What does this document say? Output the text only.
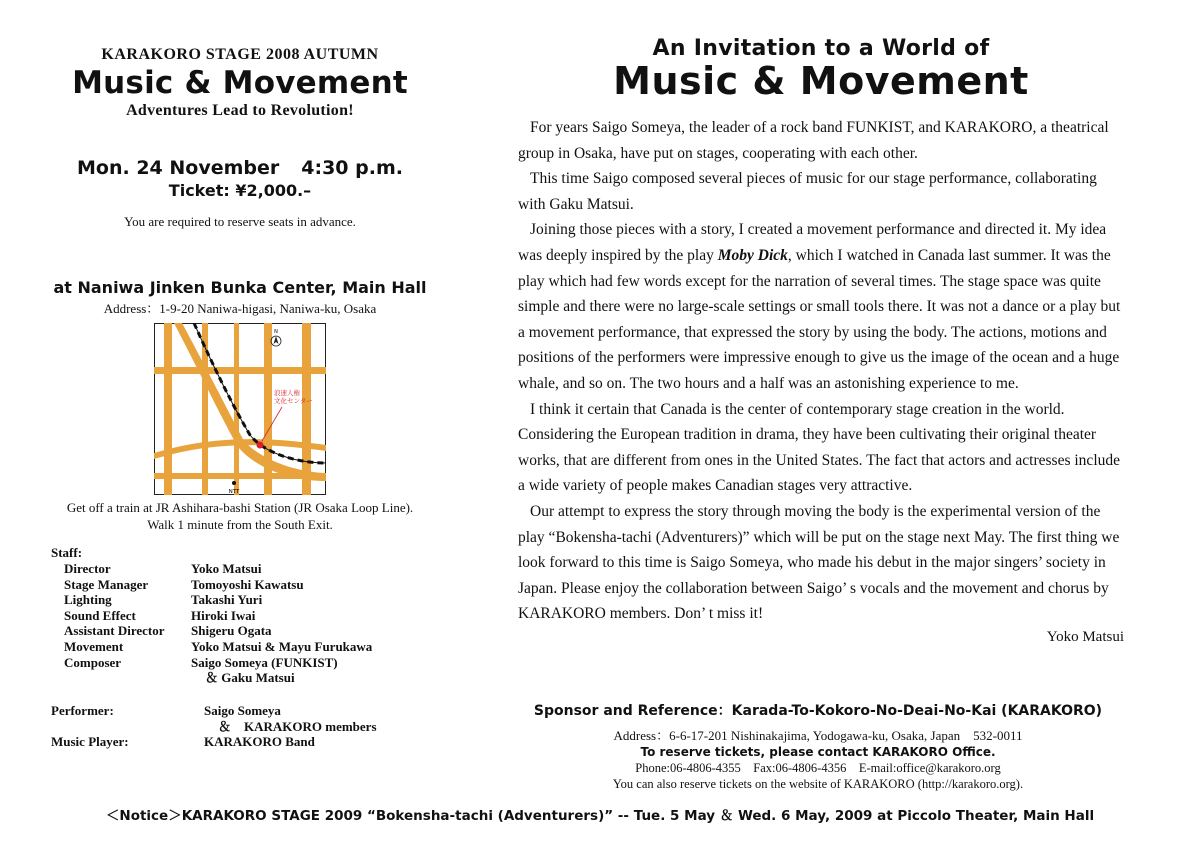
KARAKORO STAGE 2008 AUTUMN
Music & Movement
Adventures Lead to Revolution!
Mon. 24 November 4:30 p.m.
Ticket: ¥2,000.–
You are required to reserve seats in advance.
at Naniwa Jinken Bunka Center, Main Hall
Address：1-9-20 Naniwa-higasi, Naniwa-ku, Osaka
N
浪速人権
文化センター
NTT
Get off a train at JR Ashihara-bashi Station (JR Osaka Loop Line).
Walk 1 minute from the South Exit.
Staff:
Director	Yoko Matsui
Stage Manager	Tomoyoshi Kawatsu
Lighting	Takashi Yuri
Sound Effect	Hiroki Iwai
Assistant Director	Shigeru Ogata
Movement	Yoko Matsui & Mayu Furukawa
Composer	Saigo Someya (FUNKIST)
＆ Gaku Matsui
Performer:	Saigo Someya
＆　KARAKORO members
Music Player:	KARAKORO Band
An Invitation to a World of
Music & Movement

For years Saigo Someya, the leader of a rock band FUNKIST, and KARAKORO, a theatrical group in Osaka, have put on stages, cooperating with each other.

This time Saigo composed several pieces of music for our stage performance, collaborating with Gaku Matsui.

Joining those pieces with a story, I created a movement performance and directed it. My idea was deeply inspired by the play Moby Dick, which I watched in Canada last summer. It was the play which had few words except for the narration of several times. The stage space was quite simple and there were no large-scale settings or small tools there. It was not a dance or a play but a movement performance, that expressed the story by using the body. The actions, motions and positions of the performers were impressive enough to give us the image of the ocean and a huge whale, and so on. The two hours and a half was an astonishing experience to me.

I think it certain that Canada is the center of contemporary stage creation in the world. Considering the European tradition in drama, they have been cultivating their original theater works, that are different from ones in the United States. The fact that actors and actresses include a wide variety of people makes Canadian stages very attractive.

Our attempt to express the story through moving the body is the experimental version of the play “Bokensha-tachi (Adventurers)” which will be put on the stage next May. The first thing we look forward to this time is Saigo Someya, who made his debut in the major singers’ society in Japan. Please enjoy the collaboration between Saigo’ s vocals and the movement and chorus by KARAKORO members. Don’ t miss it!

Yoko Matsui
Sponsor and Reference：Karada-To-Kokoro-No-Deai-No-Kai (KARAKORO)
Address：6-6-17-201 Nishinakajima, Yodogawa-ku, Osaka, Japan　532-0011
To reserve tickets, please contact KARAKORO Office.
Phone:06-4806-4355　Fax:06-4806-4356　E-mail:office@karakoro.org
You can also reserve tickets on the website of KARAKORO (http://karakoro.org).
＜Notice＞KARAKORO STAGE 2009 “Bokensha-tachi (Adventurers)” -- Tue. 5 May ＆ Wed. 6 May, 2009 at Piccolo Theater, Main Hall
